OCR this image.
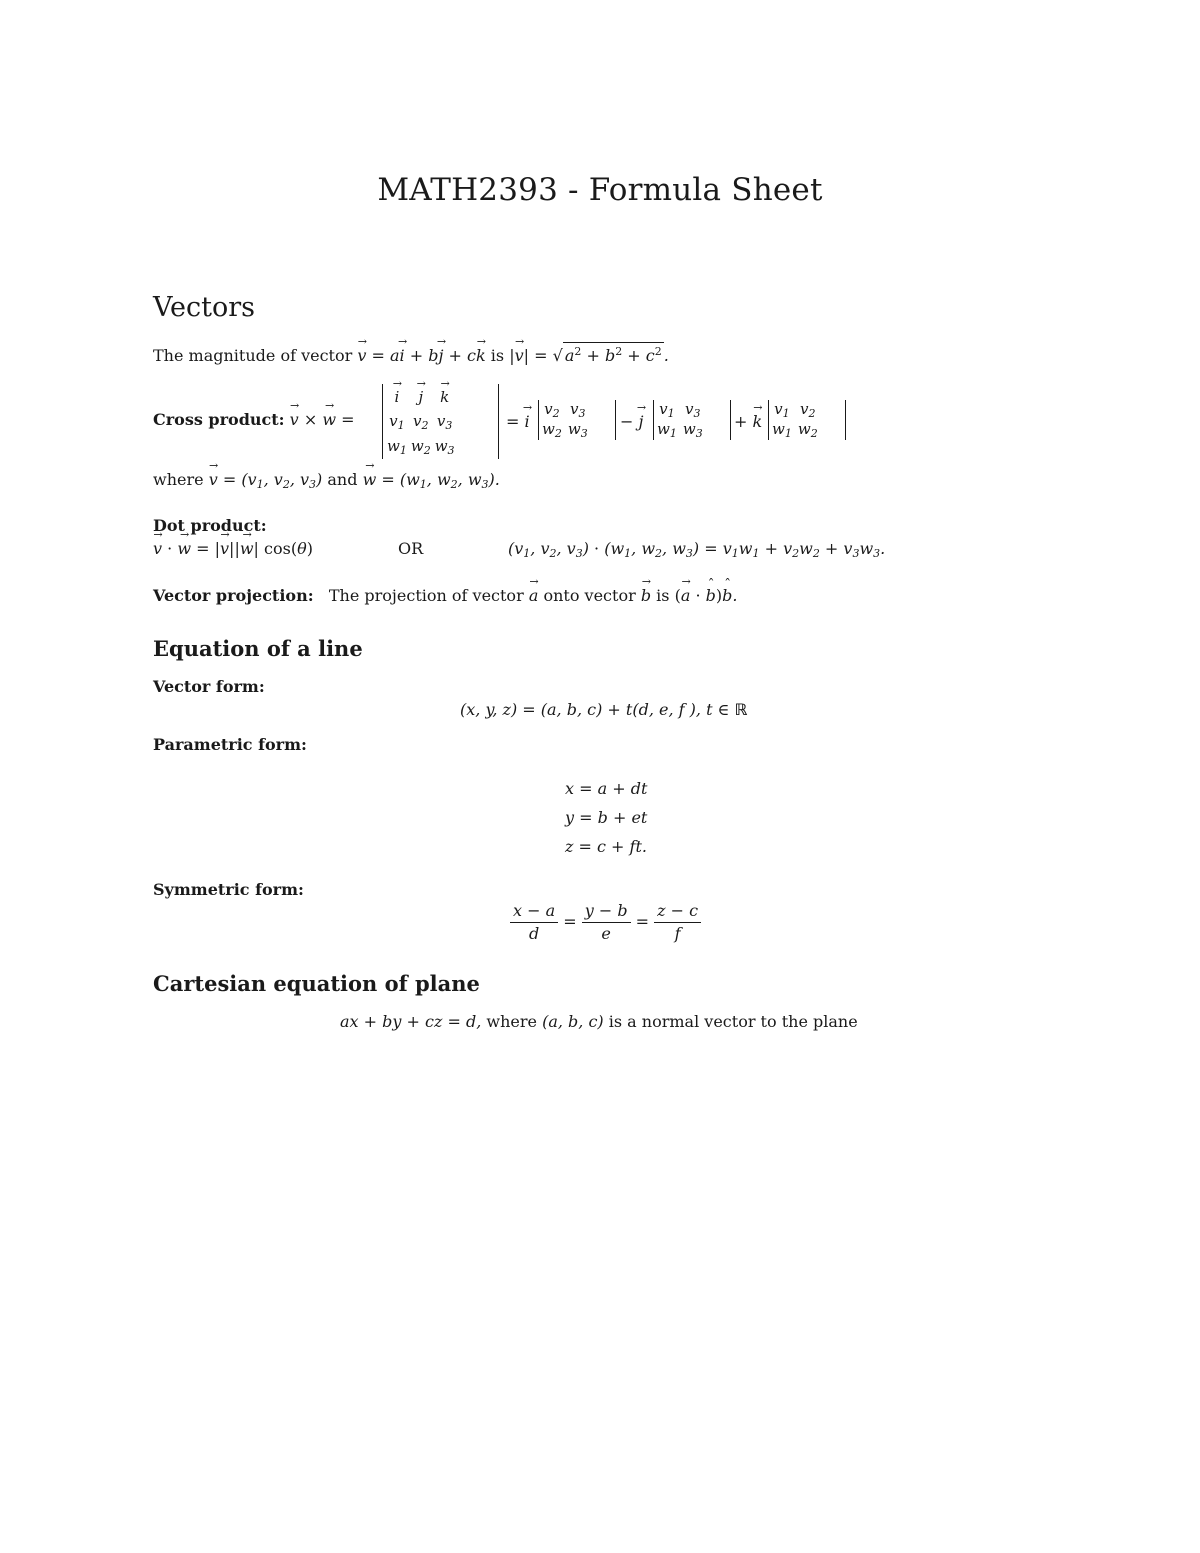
MATH2393 - Formula Sheet
Vectors
The magnitude of vector → v = a→ i + b→ j + c→ k is |→ v| = √ $a^2 + b^2 + c^2$ .
Cross product: → v × → w =
→ i	→ j	→ k
$v_1$	$v_2$	$v_3$
$w_1$	$w_2$	$w_3$
= → i
$v_2$	$v_3$
$w_2$	$w_3$
− → j
$v_1$	$v_3$
$w_1$	$w_3$
+ → k
$v_1$	$v_2$
$w_1$	$w_2$
where → $v = (v_1$, $v_2$, $v_3$) and → $w = (w_1$, $w_2$, $w_3$).
Dot product:
→ v · → w = |→ v||→ w| cos(θ)	OR	($v_1$, $v_2$, $v_3) \cdot (w_1$, $w_2$, $w_3) = v_1w_1 + v_2w_2 + v_3w_3$.
Vector projection: The projection of vector → a onto vector → b is (→ a · ˆ b)ˆ b.
Equation of a line
Vector form:
(x, y, z) = (a, b, c) + t(d, e, f ), t ∈ ℝ
Parametric form:
x = a + dt
y = b + et
z = c + ft.
Symmetric form:
$\frac{x - a}{d} = \frac{y - b}{e} = \frac{z - c}{f}$
Cartesian equation of plane
ax + by + cz = d, where (a, b, c) is a normal vector to the plane
